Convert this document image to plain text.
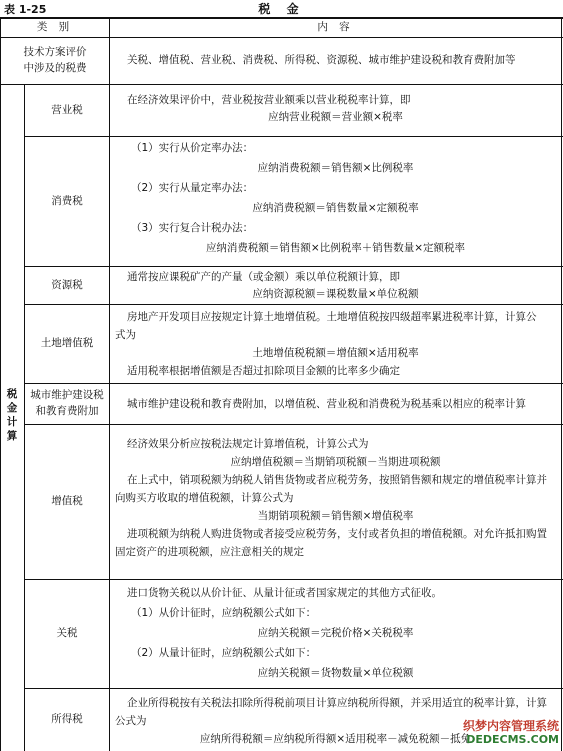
表 1-25	税 金
类 别	内 容
技术方案评价
中涉及的税费
关税、增值税、营业税、消费税、所得税、资源税、城市维护建设税和教育费附加等
税
金
计
算
营业税
在经济效果评价中，营业税按营业额乘以营业税税率计算，即
应纳营业税额＝营业额×税率
消费税
（1）实行从价定率办法：
应纳消费税额＝销售额×比例税率
（2）实行从量定率办法：
应纳消费税额＝销售数量×定额税率
（3）实行复合计税办法：
应纳消费税额＝销售额×比例税率＋销售数量×定额税率
资源税
通常按应课税矿产的产量（或金额）乘以单位税额计算，即
应纳资源税额＝课税数量×单位税额
土地增值税
房地产开发项目应按规定计算土地增值税。土地增值税按四级超率累进税率计算，计算公
式为
土地增值税税额＝增值额×适用税率
适用税率根据增值额是否超过扣除项目金额的比率多少确定
城市维护建设税
和教育费附加
城市维护建设税和教育费附加，以增值税、营业税和消费税为税基乘以相应的税率计算
增值税
经济效果分析应按税法规定计算增值税，计算公式为
应纳增值税额＝当期销项税额－当期进项税额
在上式中，销项税额为纳税人销售货物或者应税劳务，按照销售额和规定的增值税率计算并
向购买方收取的增值税额，计算公式为
当期销项税额＝销售额×增值税率
进项税额为纳税人购进货物或者接受应税劳务，支付或者负担的增值税额。对允许抵扣购置
固定资产的进项税额，应注意相关的规定
关税
进口货物关税以从价计征、从量计征或者国家规定的其他方式征收。
（1）从价计征时，应纳税额公式如下：
应纳关税额＝完税价格×关税税率
（2）从量计征时，应纳税额公式如下：
应纳关税额＝货物数量×单位税额
所得税
企业所得税按有关税法扣除所得税前项目计算应纳税所得额，并采用适宜的税率计算，计算
公式为
应纳所得税额＝应纳税所得额×适用税率－减免税额－抵免
织梦内容管理系统
DEDECMS.COM
